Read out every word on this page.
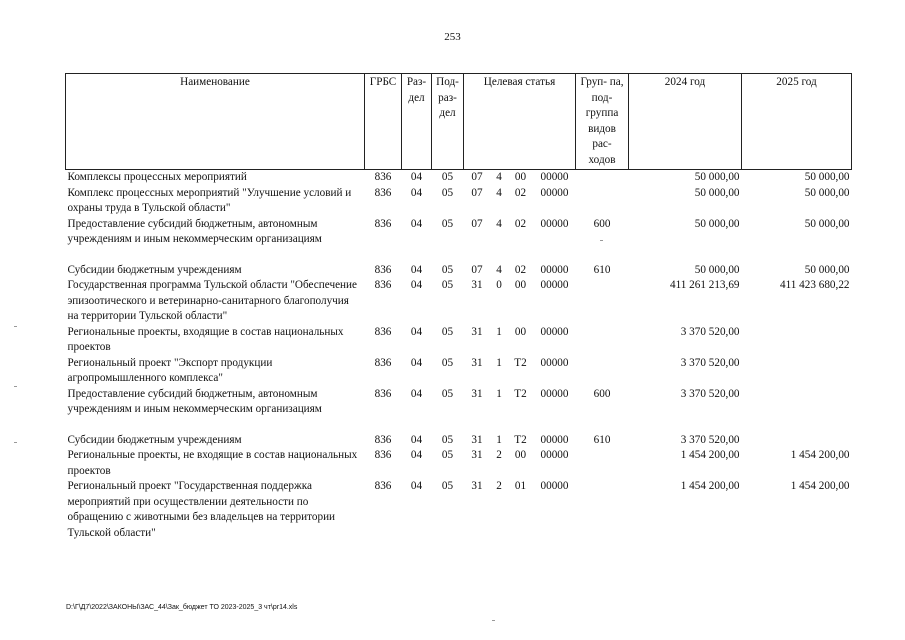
253
Наименование	ГРБС	Раз- дел	Под- раз- дел	Целевая статья				Груп- па, под- группа видов рас- ходов	2024 год	2025 год
Комплексы процессных мероприятий	836	04	05	07	4	00	00000		50 000,00	50 000,00
Комплекс процессных мероприятий "Улучшение условий и охраны труда в Тульской области"	836	04	05	07	4	02	00000		50 000,00	50 000,00
Предоставление субсидий бюджетным, автономным учреждениям и иным некоммерческим организациям	836	04	05	07	4	02	00000	600	50 000,00	50 000,00

Субсидии бюджетным учреждениям	836	04	05	07	4	02	00000	610	50 000,00	50 000,00
Государственная программа Тульской области "Обеспечение эпизоотического и ветеринарно-санитарного благополучия на территории Тульской области"	836	04	05	31	0	00	00000		411 261 213,69	411 423 680,22
Региональные проекты, входящие в состав национальных проектов	836	04	05	31	1	00	00000		3 370 520,00	
Региональный проект "Экспорт продукции агропромышленного комплекса"	836	04	05	31	1	Т2	00000		3 370 520,00	
Предоставление субсидий бюджетным, автономным учреждениям и иным некоммерческим организациям	836	04	05	31	1	Т2	00000	600	3 370 520,00	

Субсидии бюджетным учреждениям	836	04	05	31	1	Т2	00000	610	3 370 520,00	
Региональные проекты, не входящие в состав национальных проектов	836	04	05	31	2	00	00000		1 454 200,00	1 454 200,00
Региональный проект "Государственная поддержка мероприятий при осуществлении деятельности по обращению с животными без владельцев на территории Тульской области"	836	04	05	31	2	01	00000		1 454 200,00	1 454 200,00
D:\Г\Д7\2022\ЗАКОНЫ\ЗАС_44\Зак_бюджет ТО 2023-2025_3 чт\pr14.xls
